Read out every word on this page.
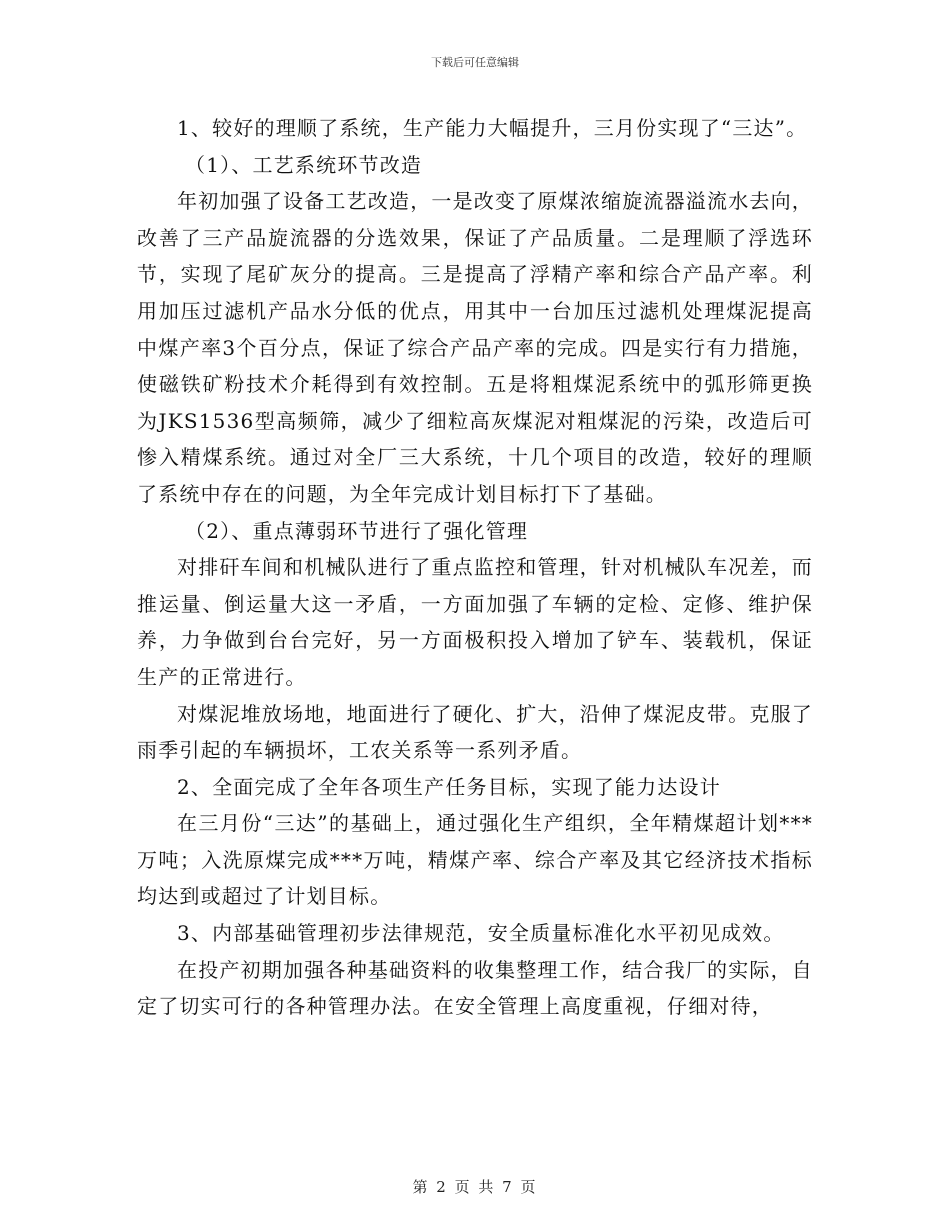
下载后可任意编辑

1、较好的理顺了系统，生产能力大幅提升，三月份实现了“三达”。

（1）、工艺系统环节改造

年初加强了设备工艺改造，一是改变了原煤浓缩旋流器溢流水去向，改善了三产品旋流器的分选效果，保证了产品质量。二是理顺了浮选环节，实现了尾矿灰分的提高。三是提高了浮精产率和综合产品产率。利用加压过滤机产品水分低的优点，用其中一台加压过滤机处理煤泥提高中煤产率3个百分点，保证了综合产品产率的完成。四是实行有力措施，使磁铁矿粉技术介耗得到有效控制。五是将粗煤泥系统中的弧形筛更换为JKS1536型高频筛，减少了细粒高灰煤泥对粗煤泥的污染，改造后可惨入精煤系统。通过对全厂三大系统，十几个项目的改造，较好的理顺了系统中存在的问题，为全年完成计划目标打下了基础。

（2）、重点薄弱环节进行了强化管理

对排矸车间和机械队进行了重点监控和管理，针对机械队车况差，而推运量、倒运量大这一矛盾，一方面加强了车辆的定检、定修、维护保养，力争做到台台完好，另一方面极积投入增加了铲车、装载机，保证生产的正常进行。

对煤泥堆放场地，地面进行了硬化、扩大，沿伸了煤泥皮带。克服了雨季引起的车辆损坏，工农关系等一系列矛盾。

2、全面完成了全年各项生产任务目标，实现了能力达设计

在三月份“三达”的基础上，通过强化生产组织，全年精煤超计划***万吨；入洗原煤完成***万吨，精煤产率、综合产率及其它经济技术指标均达到或超过了计划目标。

3、内部基础管理初步法律规范，安全质量标准化水平初见成效。

在投产初期加强各种基础资料的收集整理工作，结合我厂的实际，自定了切实可行的各种管理办法。在安全管理上高度重视，仔细对待，

第 2 页 共 7 页
